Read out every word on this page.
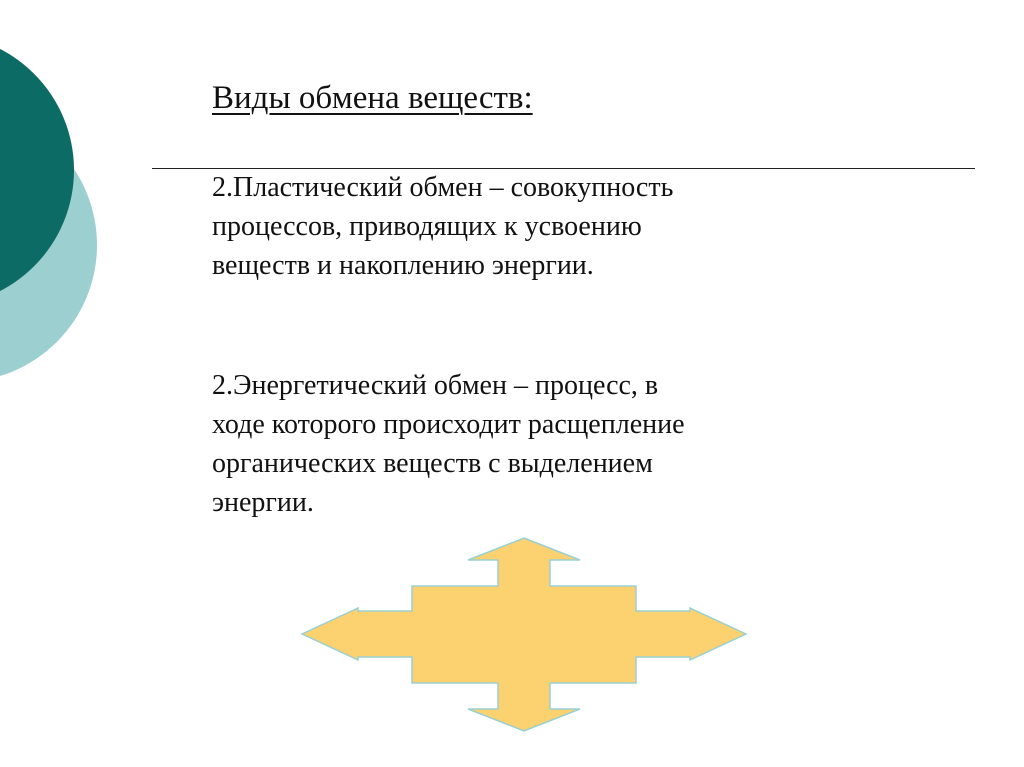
Виды обмена веществ:
2.Пластический обмен – совокупность
процессов, приводящих к усвоению
веществ и накоплению энергии.
2.Энергетический обмен – процесс, в
ходе которого происходит расщепление
органических веществ с выделением
энергии.
